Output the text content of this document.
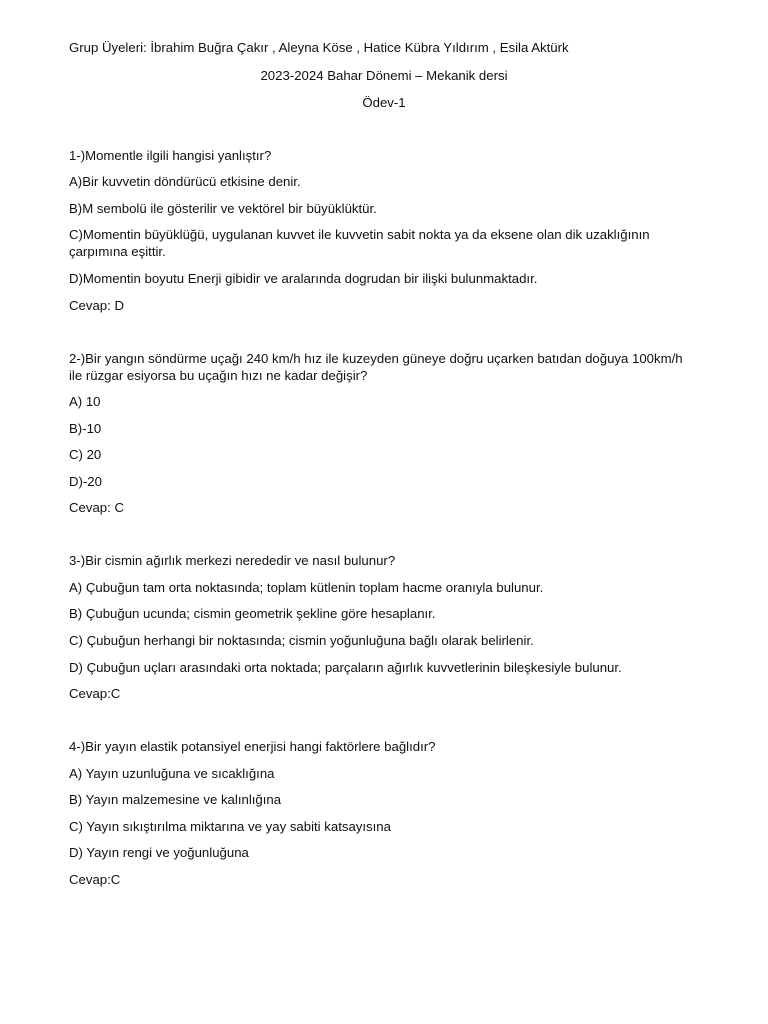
Grup Üyeleri: İbrahim Buğra Çakır , Aleyna Köse , Hatice Kübra Yıldırım , Esila Aktürk
2023-2024 Bahar Dönemi – Mekanik dersi
Ödev-1
1-)Momentle ilgili hangisi yanlıştır?
A)Bir kuvvetin döndürücü etkisine denir.
B)M sembolü ile gösterilir ve vektörel bir büyüklüktür.
C)Momentin büyüklüğü, uygulanan kuvvet ile kuvvetin sabit nokta ya da eksene olan dik uzaklığının çarpımına eşittir.
D)Momentin boyutu Enerji gibidir ve aralarında dogrudan bir ilişki bulunmaktadır.
Cevap: D
2-)Bir yangın söndürme uçağı 240 km/h hız ile kuzeyden güneye doğru uçarken batıdan doğuya 100km/h ile rüzgar esiyorsa bu uçağın hızı ne kadar değişir?
A) 10
B)-10
C) 20
D)-20
Cevap: C
3-)Bir cismin ağırlık merkezi nerededir ve nasıl bulunur?
A) Çubuğun tam orta noktasında; toplam kütlenin toplam hacme oranıyla bulunur.
B) Çubuğun ucunda; cismin geometrik şekline göre hesaplanır.
C) Çubuğun herhangi bir noktasında; cismin yoğunluğuna bağlı olarak belirlenir.
D) Çubuğun uçları arasındaki orta noktada; parçaların ağırlık kuvvetlerinin bileşkesiyle bulunur.
Cevap:C
4-)Bir yayın elastik potansiyel enerjisi hangi faktörlere bağlıdır?
A) Yayın uzunluğuna ve sıcaklığına
B) Yayın malzemesine ve kalınlığına
C) Yayın sıkıştırılma miktarına ve yay sabiti katsayısına
D) Yayın rengi ve yoğunluğuna
Cevap:C
